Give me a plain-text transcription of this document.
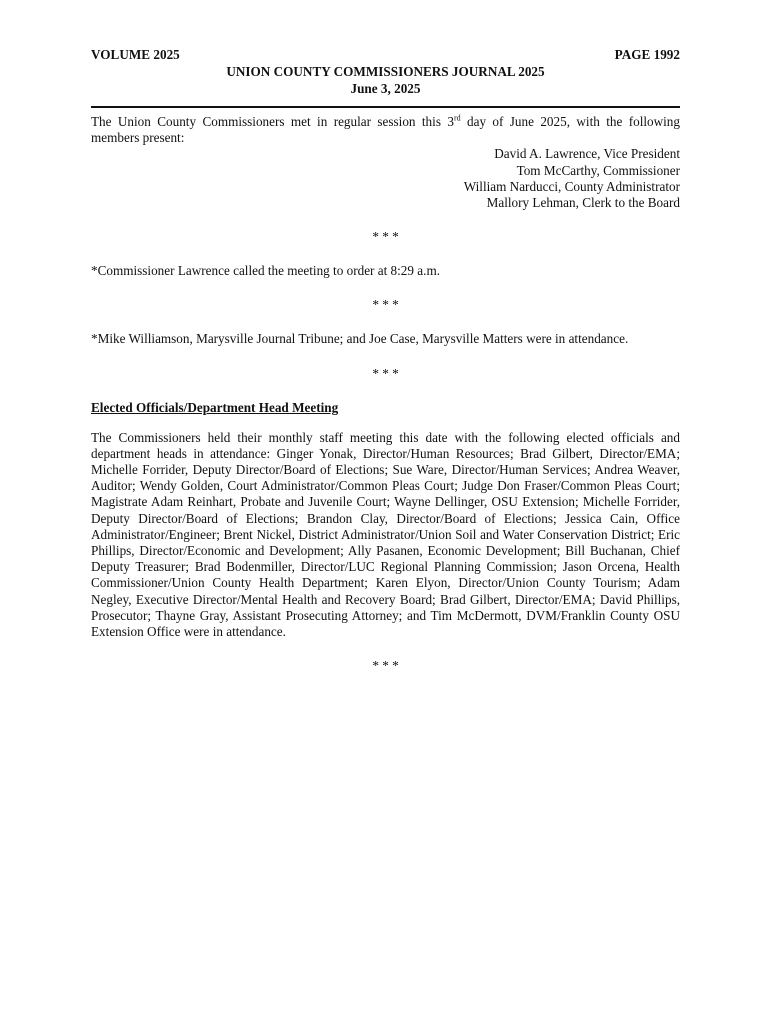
VOLUME 2025	PAGE 1992
UNION COUNTY COMMISSIONERS JOURNAL 2025
June 3, 2025

The Union County Commissioners met in regular session this 3rd day of June 2025, with the following members present:

David A. Lawrence, Vice President
Tom McCarthy, Commissioner
William Narducci, County Administrator
Mallory Lehman, Clerk to the Board
* * *

*Commissioner Lawrence called the meeting to order at 8:29 a.m.

* * *

*Mike Williamson, Marysville Journal Tribune; and Joe Case, Marysville Matters were in attendance.

* * *
Elected Officials/Department Head Meeting

The Commissioners held their monthly staff meeting this date with the following elected officials and department heads in attendance: Ginger Yonak, Director/Human Resources; Brad Gilbert, Director/EMA; Michelle Forrider, Deputy Director/Board of Elections; Sue Ware, Director/Human Services; Andrea Weaver, Auditor; Wendy Golden, Court Administrator/Common Pleas Court; Judge Don Fraser/Common Pleas Court; Magistrate Adam Reinhart, Probate and Juvenile Court; Wayne Dellinger, OSU Extension; Michelle Forrider, Deputy Director/Board of Elections; Brandon Clay, Director/Board of Elections; Jessica Cain, Office Administrator/Engineer; Brent Nickel, District Administrator/Union Soil and Water Conservation District; Eric Phillips, Director/Economic and Development; Ally Pasanen, Economic Development; Bill Buchanan, Chief Deputy Treasurer; Brad Bodenmiller, Director/LUC Regional Planning Commission; Jason Orcena, Health Commissioner/Union County Health Department; Karen Elyon, Director/Union County Tourism; Adam Negley, Executive Director/Mental Health and Recovery Board; Brad Gilbert, Director/EMA; David Phillips, Prosecutor; Thayne Gray, Assistant Prosecuting Attorney; and Tim McDermott, DVM/Franklin County OSU Extension Office were in attendance.

* * *
